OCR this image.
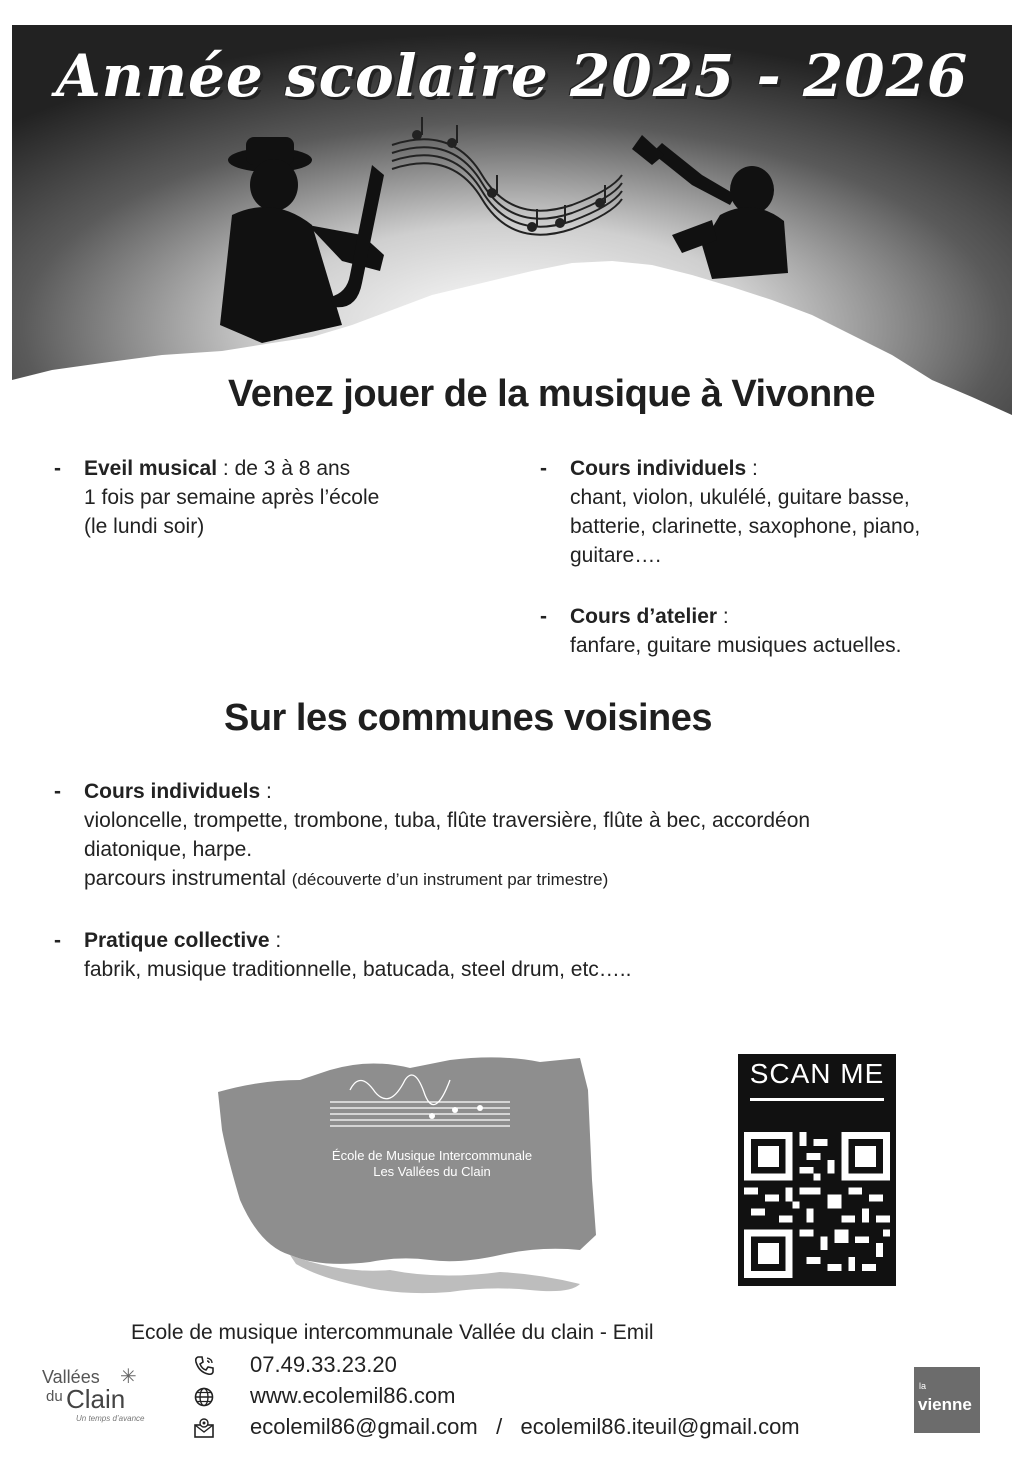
Année scolaire 2025 - 2026
Venez jouer de la musique à Vivonne
- Eveil musical : de 3 à 8 ans
1 fois par semaine après l’école
(le lundi soir)
- Cours individuels :
chant, violon, ukulélé, guitare basse,
batterie, clarinette, saxophone, piano,
guitare….
- Cours d’atelier :
fanfare, guitare musiques actuelles.
Sur les communes voisines
- Cours individuels :
violoncelle, trompette, trombone, tuba, flûte traversière, flûte à bec, accordéon
diatonique, harpe.
parcours instrumental (découverte d’un instrument par trimestre)
- Pratique collective :
fabrik, musique traditionnelle, batucada, steel drum, etc…..
École de Musique Intercommunale
Les Vallées du Clain
SCAN ME
Ecole de musique intercommunale Vallée du clain - Emil
07.49.33.23.20
www.ecolemil86.com
ecolemil86@gmail.com   /   ecolemil86.iteuil@gmail.com
Vallées ✳
du Clain
Un temps d’avance
la
vienne
